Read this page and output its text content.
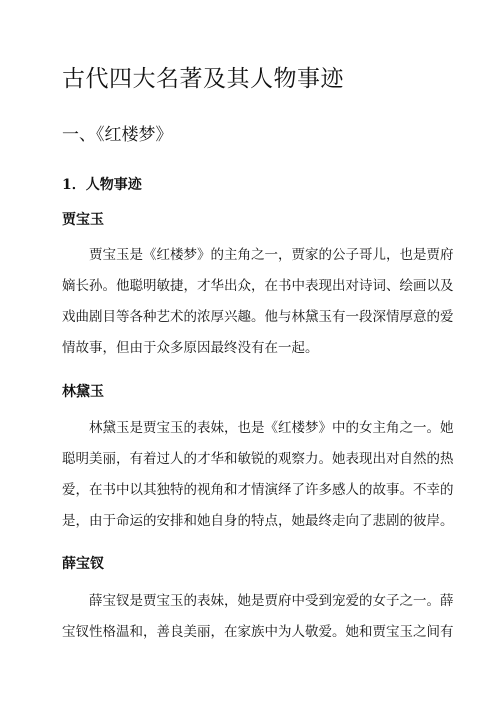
古代四大名著及其人物事迹
一、《红楼梦》
1．人物事迹
贾宝玉
贾宝玉是《红楼梦》的主角之一，贾家的公子哥儿，也是贾府
嫡长孙。他聪明敏捷，才华出众，在书中表现出对诗词、绘画以及
戏曲剧目等各种艺术的浓厚兴趣。他与林黛玉有一段深情厚意的爱
情故事，但由于众多原因最终没有在一起。
林黛玉
林黛玉是贾宝玉的表妹，也是《红楼梦》中的女主角之一。她
聪明美丽，有着过人的才华和敏锐的观察力。她表现出对自然的热
爱，在书中以其独特的视角和才情演绎了许多感人的故事。不幸的
是，由于命运的安排和她自身的特点，她最终走向了悲剧的彼岸。
薛宝钗
薛宝钗是贾宝玉的表妹，她是贾府中受到宠爱的女子之一。薛
宝钗性格温和，善良美丽，在家族中为人敬爱。她和贾宝玉之间有
